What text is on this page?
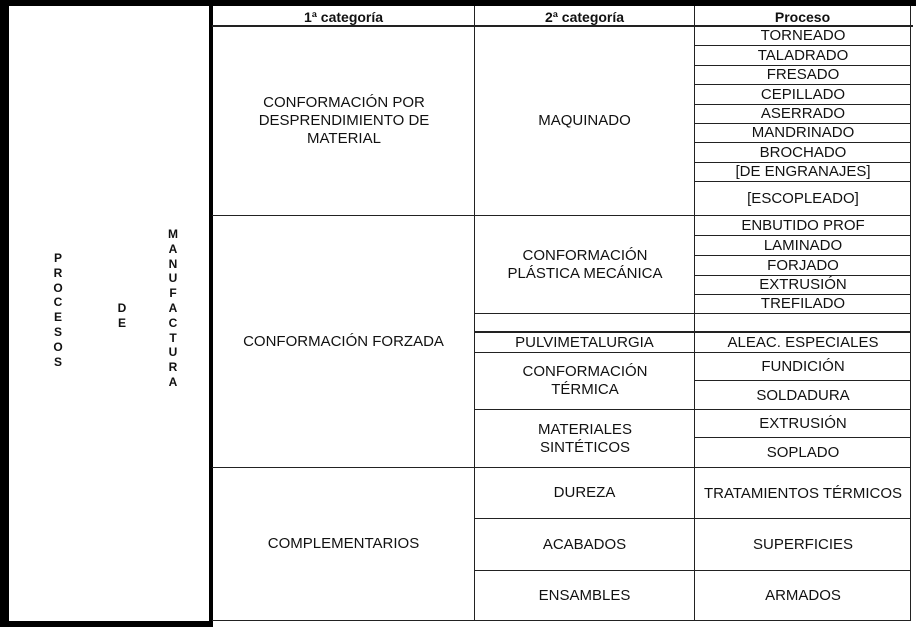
P
R
O
C
E
S
O
S
D
E
M
A
N
U
F
A
C
T
U
R
A
1ª categoría	2ª categoría	Proceso
CONFORMACIÓN POR DESPRENDIMIENTO DE MATERIAL
CONFORMACIÓN FORZADA
COMPLEMENTARIOS
MAQUINADO
CONFORMACIÓN PLÁSTICA MECÁNICA
PULVIMETALURGIA
CONFORMACIÓN TÉRMICA
MATERIALES SINTÉTICOS
DUREZA
ACABADOS
ENSAMBLES
TORNEADO
TALADRADO
FRESADO
CEPILLADO
ASERRADO
MANDRINADO
BROCHADO
[DE ENGRANAJES]
[ESCOPLEADO]
ENBUTIDO PROF
LAMINADO
FORJADO
EXTRUSIÓN
TREFILADO
ALEAC. ESPECIALES
FUNDICIÓN
SOLDADURA
EXTRUSIÓN
SOPLADO
TRATAMIENTOS TÉRMICOS
SUPERFICIES
ARMADOS
